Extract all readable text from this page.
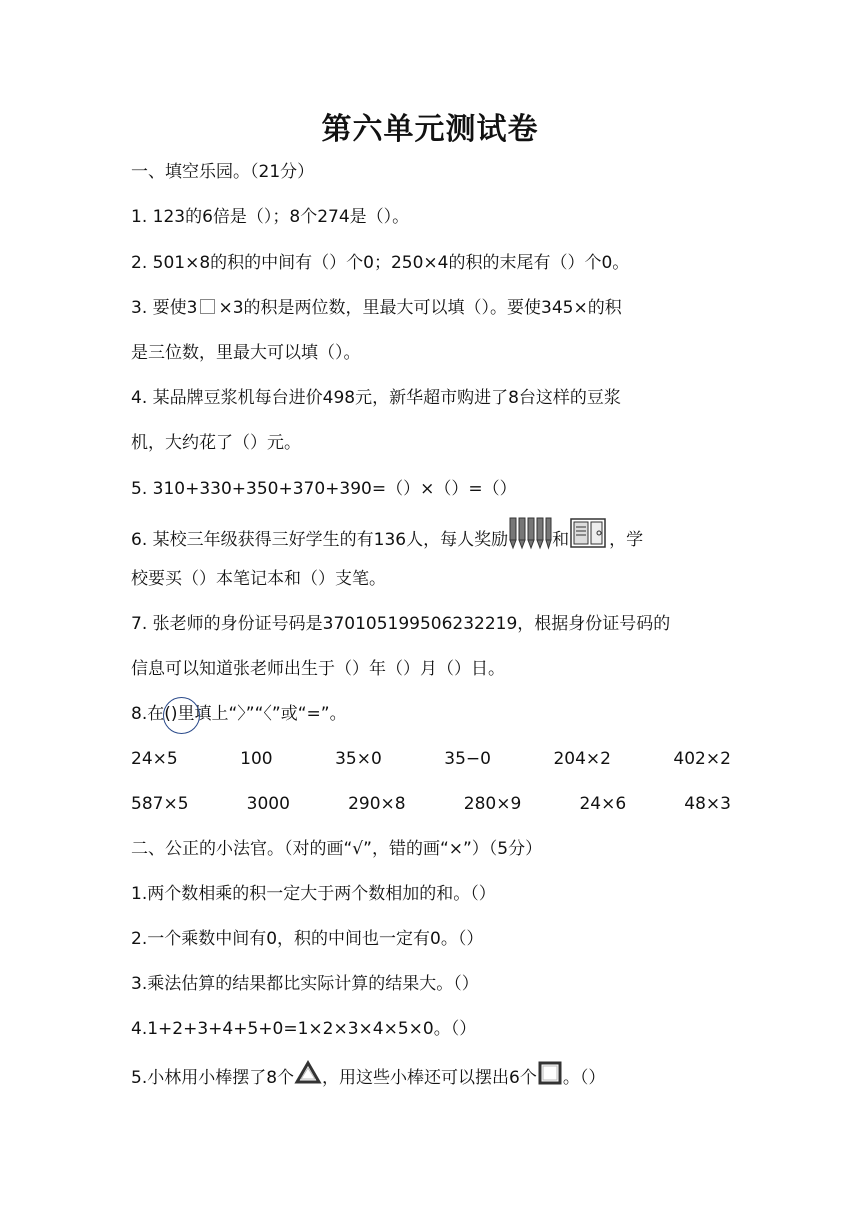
第六单元测试卷
一、填空乐园。（21分）
1. 123的6倍是（）；8个274是（）。
2. 501×8的积的中间有（）个0；250×4的积的末尾有（）个0。
3. 要使3 ×3的积是两位数，里最大可以填（）。要使345×的积
是三位数，里最大可以填（）。
4. 某品牌豆浆机每台进价498元，新华超市购进了8台这样的豆浆
机，大约花了（）元。
5. 310+330+350+370+390=（）×（）=（）
6. 某校三年级获得三好学生的有136人，每人奖励	和 ，学
校要买（）本笔记本和（）支笔。
7. 张老师的身份证号码是370105199506232219，根据身份证号码的
信息可以知道张老师出生于（）年（）月（）日。
8.在()里填上“〉”“〈”或“=”。
24×5	100	35×0	35−0	204×2	402×2
587×5	3000	290×8	280×9	24×6	48×3
二、公正的小法官。（对的画“√”，错的画“×”）（5分）
1.两个数相乘的积一定大于两个数相加的和。（）
2.一个乘数中间有0，积的中间也一定有0。（）
3.乘法估算的结果都比实际计算的结果大。（）
4.1+2+3+4+5+0=1×2×3×4×5×0。（）
5.小林用小棒摆了8个 ，用这些小棒还可以摆出6个 。（）
